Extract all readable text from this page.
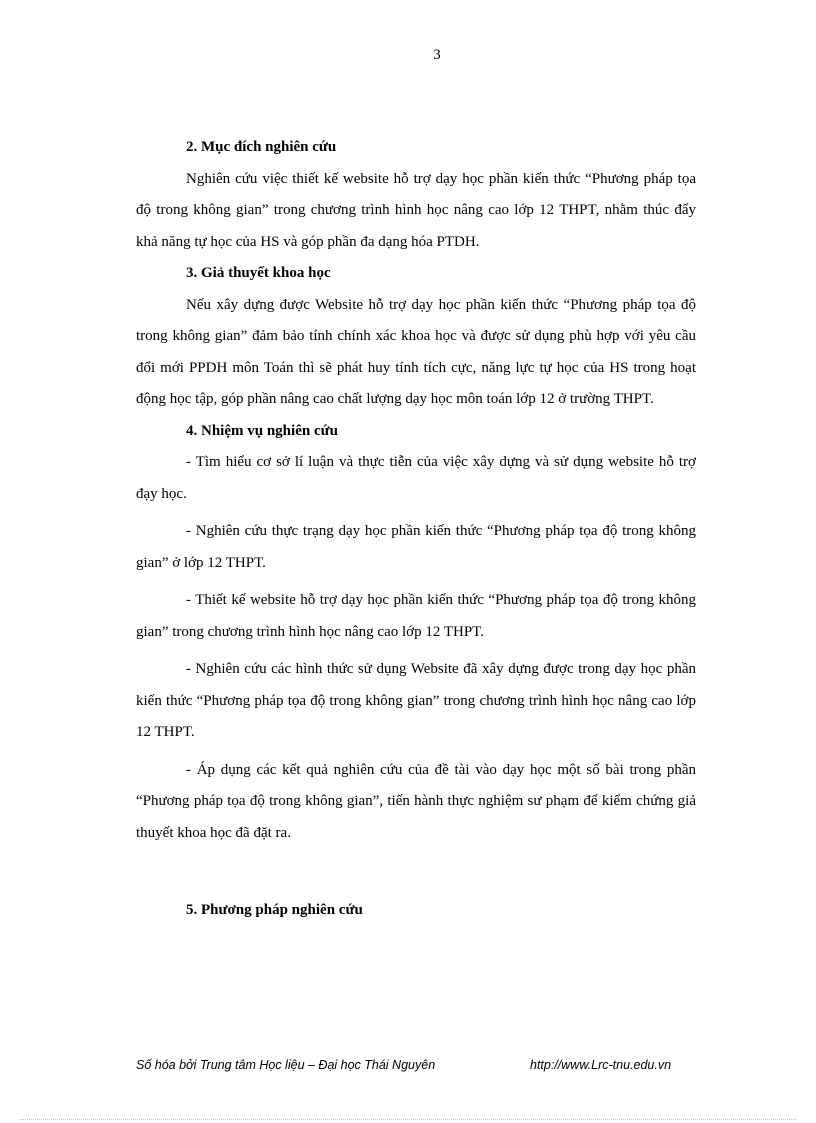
3

2. Mục đích nghiên cứu

Nghiên cứu việc thiết kế website hỗ trợ dạy học phần kiến thức “Phương pháp tọa độ trong không gian” trong chương trình hình học nâng cao lớp 12 THPT, nhằm thúc đẩy khả năng tự học của HS và góp phần đa dạng hóa PTDH.

3. Giả thuyết khoa học

Nếu xây dựng được Website hỗ trợ dạy học phần kiến thức “Phương pháp tọa độ trong không gian” đảm bảo tính chính xác khoa học và được sử dụng phù hợp với yêu cầu đổi mới PPDH môn Toán thì sẽ phát huy tính tích cực, năng lực tự học của HS trong hoạt động học tập, góp phần nâng cao chất lượng dạy học môn toán lớp 12 ở trường THPT.

4. Nhiệm vụ nghiên cứu

- Tìm hiểu cơ sở lí luận và thực tiễn của việc xây dựng và sử dụng website hỗ trợ đạy học.

- Nghiên cứu thực trạng dạy học phần kiến thức “Phương pháp tọa độ trong không gian” ở lớp 12 THPT.

- Thiết kế website hỗ trợ dạy học phần kiến thức “Phương pháp tọa độ trong không gian” trong chương trình hình học nâng cao lớp 12 THPT.

- Nghiên cứu các hình thức sử dụng Website đã xây dựng được trong dạy học phần kiến thức “Phương pháp tọa độ trong không gian” trong chương trình hình học nâng cao lớp 12 THPT.

- Áp dụng các kết quả nghiên cứu của đề tài vào dạy học một số bài trong phần “Phương pháp tọa độ trong không gian”, tiến hành thực nghiệm sư phạm để kiểm chứng giả thuyết khoa học đã đặt ra.

5. Phương pháp nghiên cứu

Số hóa bởi Trung tâm Học liệu – Đại học Thái Nguyên	http://www.Lrc-tnu.edu.vn
